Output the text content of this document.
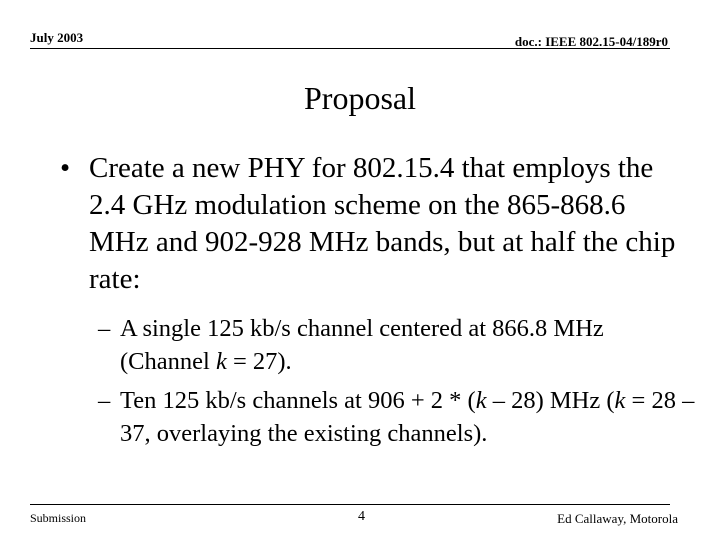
July 2003	doc.: IEEE 802.15-04/189r0
Proposal
• Create a new PHY for 802.15.4 that employs the 2.4 GHz modulation scheme on the 865-868.6 MHz and 902-928 MHz bands, but at half the chip rate:
– A single 125 kb/s channel centered at 866.8 MHz (Channel k = 27).
– Ten 125 kb/s channels at 906 + 2 * (k – 28) MHz (k = 28 – 37, overlaying the existing channels).
Submission	4	Ed Callaway, Motorola
